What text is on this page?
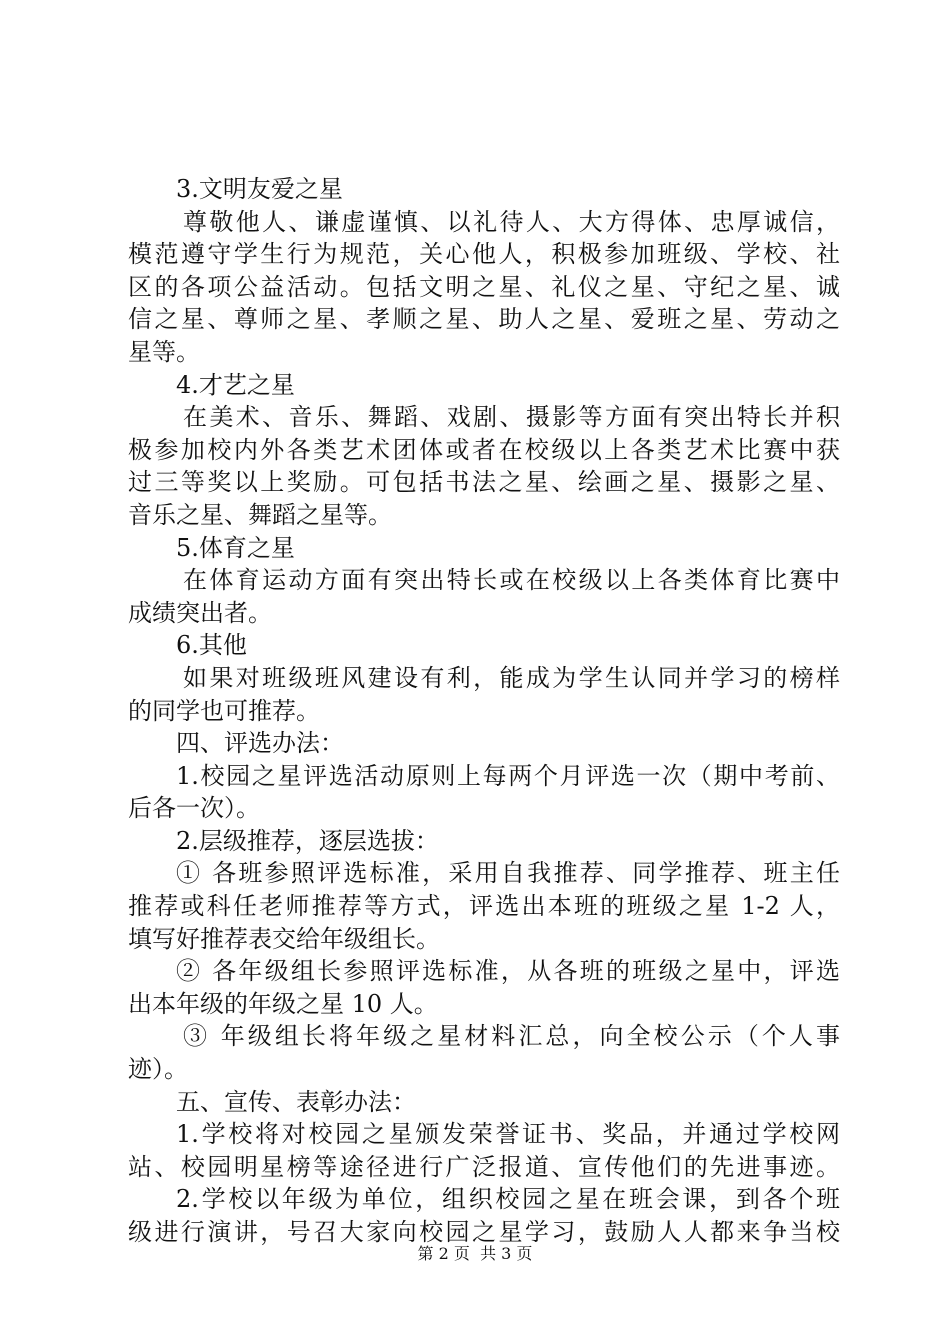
3.文明友爱之星
尊敬他人、谦虚谨慎、以礼待人、大方得体、忠厚诚信，
模范遵守学生行为规范，关心他人，积极参加班级、学校、社
区的各项公益活动。包括文明之星、礼仪之星、守纪之星、诚
信之星、尊师之星、孝顺之星、助人之星、爱班之星、劳动之
星等。
4.才艺之星
在美术、音乐、舞蹈、戏剧、摄影等方面有突出特长并积
极参加校内外各类艺术团体或者在校级以上各类艺术比赛中获
过三等奖以上奖励。可包括书法之星、绘画之星、摄影之星、
音乐之星、舞蹈之星等。
5.体育之星
在体育运动方面有突出特长或在校级以上各类体育比赛中
成绩突出者。
6.其他
如果对班级班风建设有利，能成为学生认同并学习的榜样
的同学也可推荐。
四、评选办法：
1.校园之星评选活动原则上每两个月评选一次（期中考前、
后各一次）。
2.层级推荐，逐层选拔：
① 各班参照评选标准，采用自我推荐、同学推荐、班主任
推荐或科任老师推荐等方式，评选出本班的班级之星 1-2 人，
填写好推荐表交给年级组长。
② 各年级组长参照评选标准，从各班的班级之星中，评选
出本年级的年级之星 10 人。
③ 年级组长将年级之星材料汇总，向全校公示（个人事
迹）。
五、宣传、表彰办法：
1.学校将对校园之星颁发荣誉证书、奖品，并通过学校网
站、校园明星榜等途径进行广泛报道、宣传他们的先进事迹。
2.学校以年级为单位，组织校园之星在班会课，到各个班
级进行演讲，号召大家向校园之星学习，鼓励人人都来争当校
第 2 页  共 3 页
